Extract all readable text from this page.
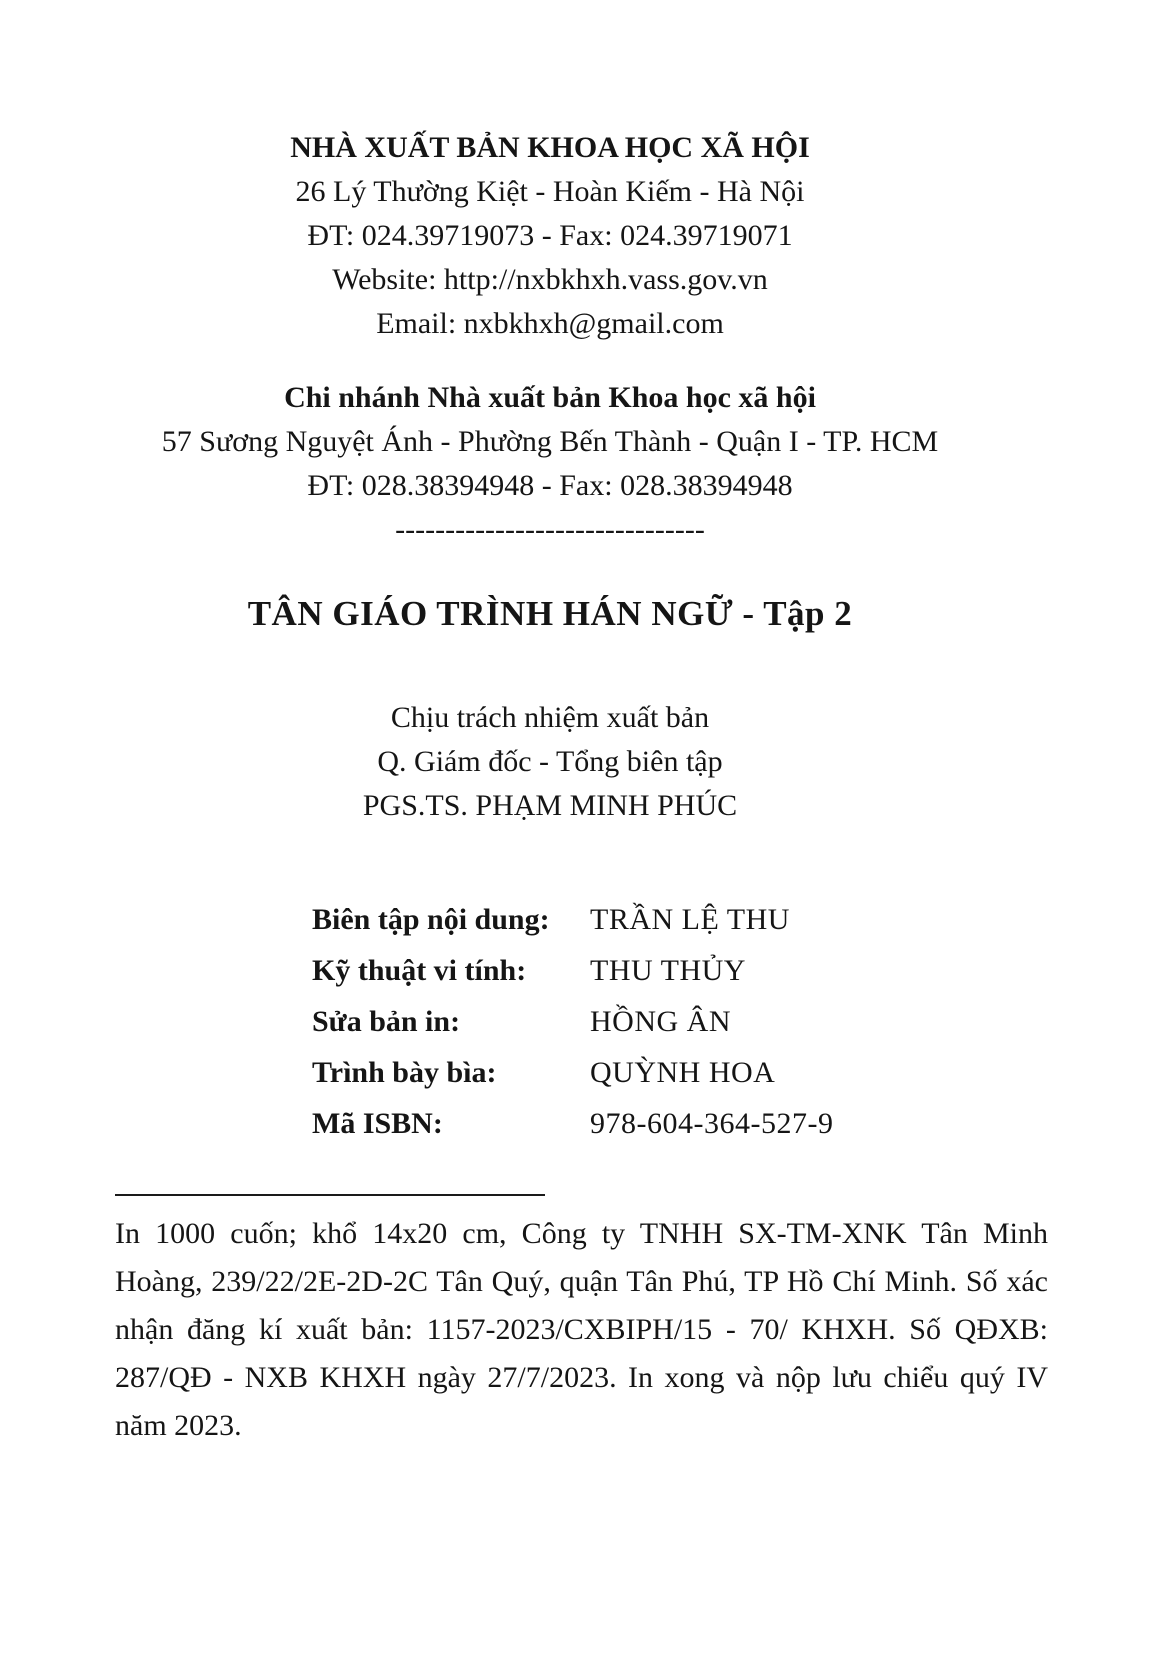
NHÀ XUẤT BẢN KHOA HỌC XÃ HỘI

26 Lý Thường Kiệt - Hoàn Kiếm - Hà Nội

ĐT: 024.39719073 - Fax: 024.39719071

Website: http://nxbkhxh.vass.gov.vn

Email: nxbkhxh@gmail.com

Chi nhánh Nhà xuất bản Khoa học xã hội

57 Sương Nguyệt Ánh - Phường Bến Thành - Quận I - TP. HCM

ĐT: 028.38394948 - Fax: 028.38394948

-------------------------------

TÂN GIÁO TRÌNH HÁN NGỮ - Tập 2

Chịu trách nhiệm xuất bản

Q. Giám đốc - Tổng biên tập

PGS.TS. PHẠM MINH PHÚC

Biên tập nội dung:	TRẦN LỆ THU
Kỹ thuật vi tính:	THU THỦY
Sửa bản in:	HỒNG ÂN
Trình bày bìa:	QUỲNH HOA
Mã ISBN:	978-604-364-527-9

In 1000 cuốn; khổ 14x20 cm, Công ty TNHH SX-TM-XNK Tân Minh Hoàng, 239/22/2E-2D-2C Tân Quý, quận Tân Phú, TP Hồ Chí Minh. Số xác nhận đăng kí xuất bản: 1157-2023/CXBIPH/15 - 70/ KHXH. Số QĐXB: 287/QĐ - NXB KHXH ngày 27/7/2023. In xong và nộp lưu chiểu quý IV năm 2023.
